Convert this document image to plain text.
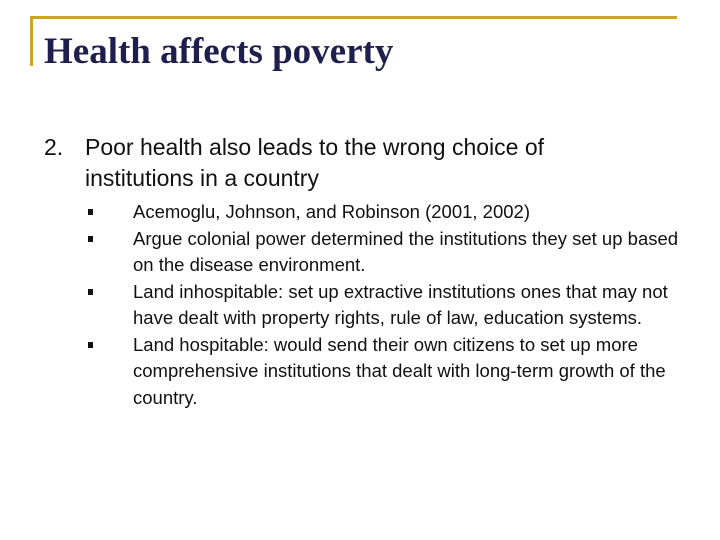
Health affects poverty
2. Poor health also leads to the wrong choice of institutions in a country
Acemoglu, Johnson, and Robinson (2001, 2002)
Argue colonial power determined the institutions they set up based on the disease environment.
Land inhospitable: set up extractive institutions ones that may not have dealt with property rights, rule of law, education systems.
Land hospitable: would send their own citizens to set up more comprehensive institutions that dealt with long-term growth of the country.
